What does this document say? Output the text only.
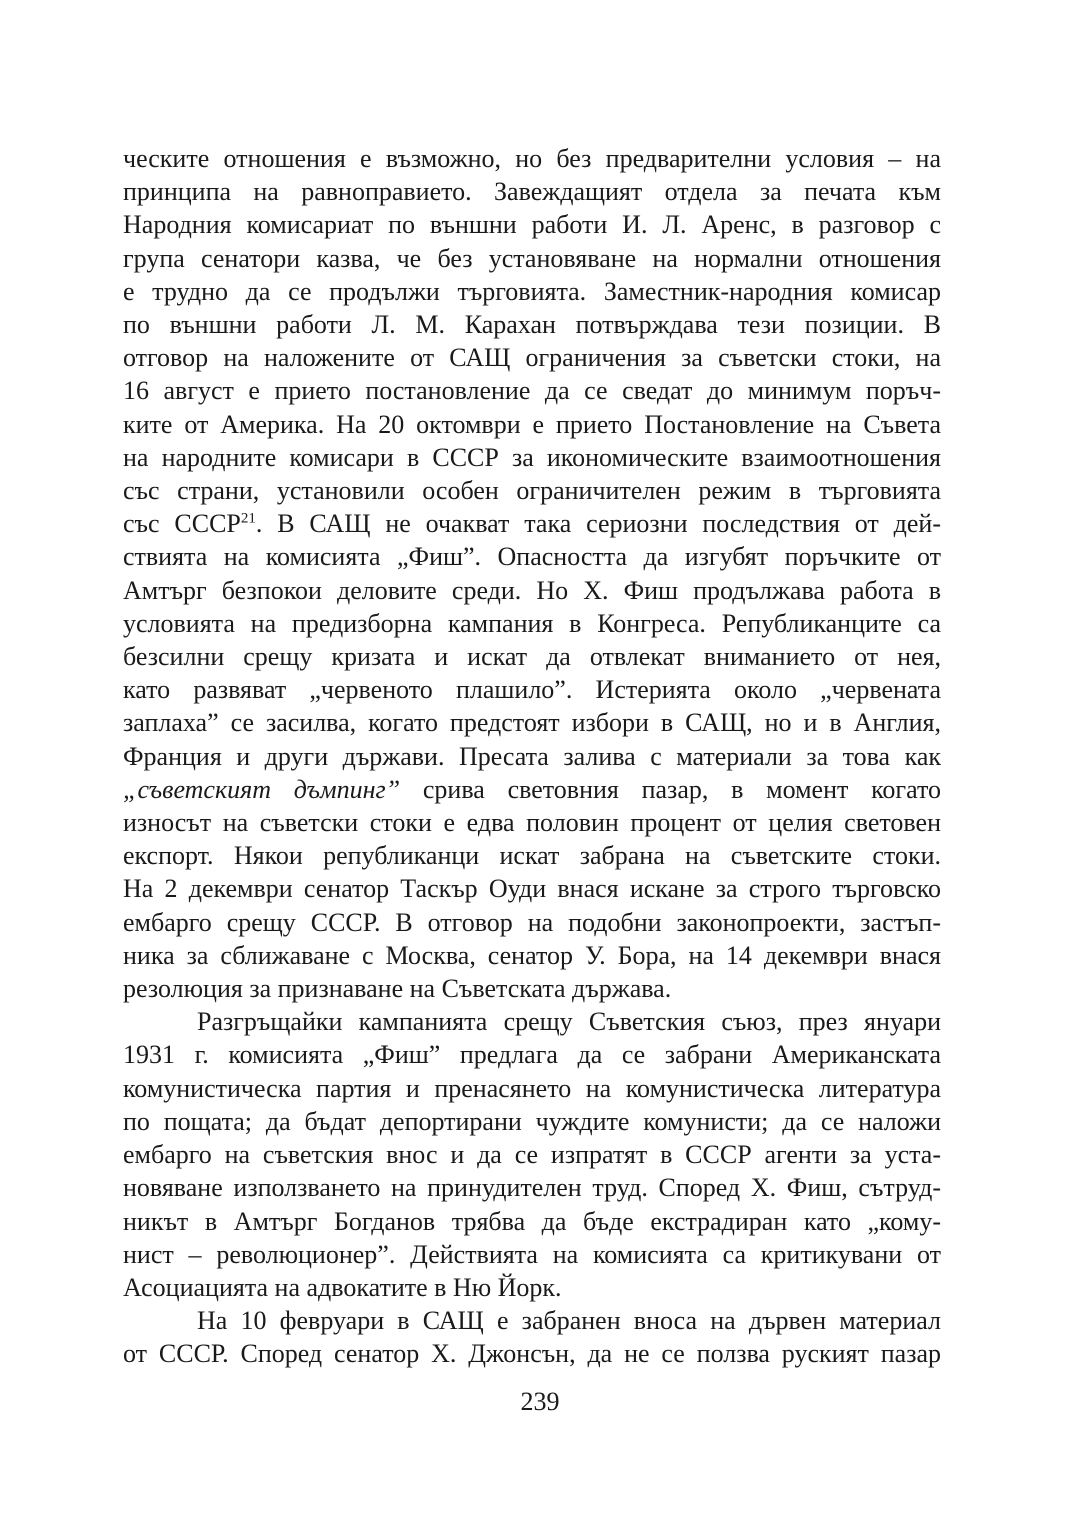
ческите отношения е възможно, но без предварителни условия – на
принципа на равноправието. Завеждащият отдела за печата към
Народния комисариат по външни работи И. Л. Аренс, в разговор с
група сенатори казва, че без установяване на нормални отношения
е трудно да се продължи търговията. Заместник-народния комисар
по външни работи Л. М. Карахан потвърждава тези позиции. В
отговор на наложените от САЩ ограничения за съветски стоки, на
16 август е прието постановление да се сведат до минимум поръч-
ките от Америка. На 20 октомври е прието Постановление на Съвета
на народните комисари в СССР за икономическите взаимоотношения
със страни, установили особен ограничителен режим в търговията
със СССР$^{21}$. В САЩ не очакват така сериозни последствия от дей-
ствията на комисията „Фиш”. Опасността да изгубят поръчките от
Амтърг безпокои деловите среди. Но Х. Фиш продължава работа в
условията на предизборна кампания в Конгреса. Републиканците са
безсилни срещу кризата и искат да отвлекат вниманието от нея,
като развяват „червеното плашило”. Истерията около „червената
заплаха” се засилва, когато предстоят избори в САЩ, но и в Англия,
Франция и други държави. Пресата залива с материали за това как
„съветският дъмпинг” срива световния пазар, в момент когато
износът на съветски стоки е едва половин процент от целия световен
експорт. Някои републиканци искат забрана на съветските стоки.
На 2 декември сенатор Таскър Оуди внася искане за строго търговско
ембарго срещу СССР. В отговор на подобни законопроекти, застъп-
ника за сближаване с Москва, сенатор У. Бора, на 14 декември внася
резолюция за признаване на Съветската държава.
Разгръщайки кампанията срещу Съветския съюз, през януари
1931 г. комисията „Фиш” предлага да се забрани Американската
комунистическа партия и пренасянето на комунистическа литература
по пощата; да бъдат депортирани чуждите комунисти; да се наложи
ембарго на съветския внос и да се изпратят в СССР агенти за уста-
новяване използването на принудителен труд. Според Х. Фиш, сътруд-
никът в Амтърг Богданов трябва да бъде екстрадиран като „кому-
нист – революционер”. Действията на комисията са критикувани от
Асоциацията на адвокатите в Ню Йорк.
На 10 февруари в САЩ е забранен вноса на дървен материал
от СССР. Според сенатор Х. Джонсън, да не се ползва руският пазар
239
